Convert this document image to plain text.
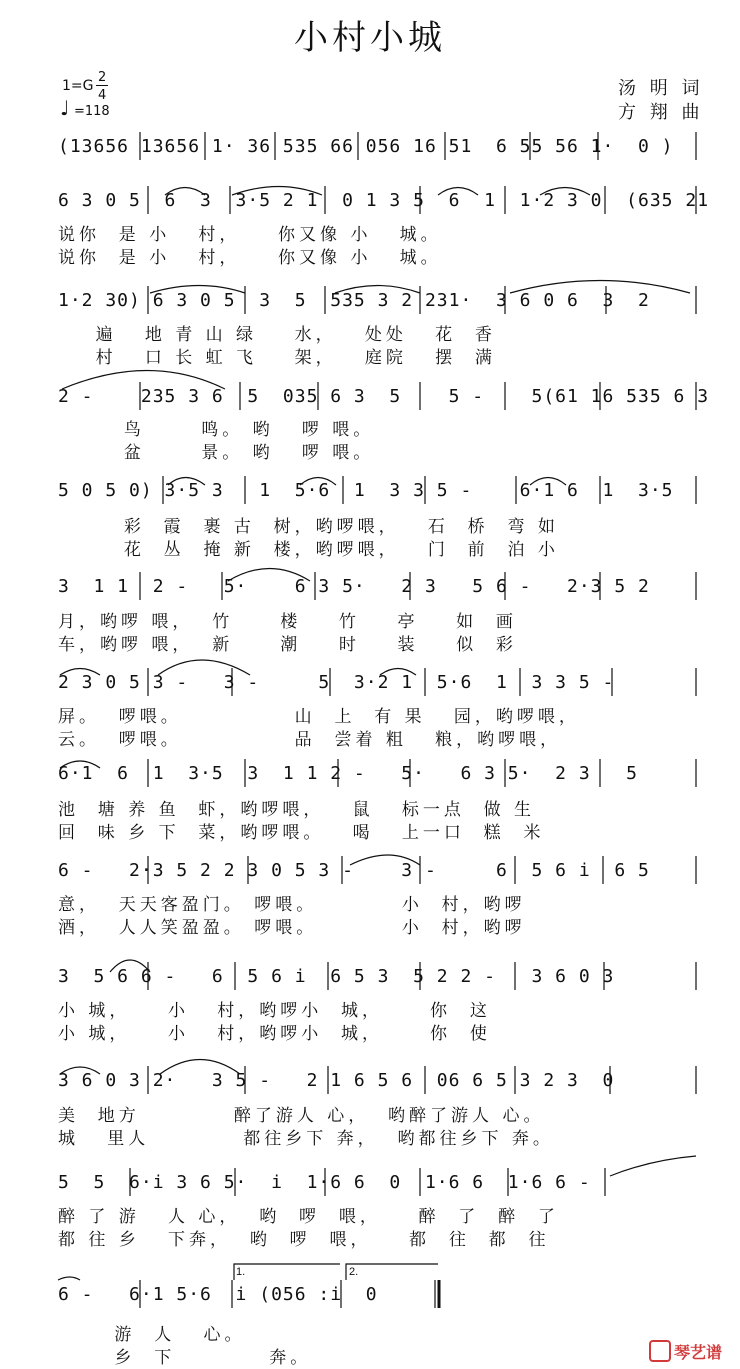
小村小城
1=G
2
4
♩ =118
汤 明 词
方 翔 曲
(13656 13656 1· 36 535 66 056 16 51  6 55 56 1·  0 )
6 3 0 5  6  3  3·5 2 1  0 1 3 5  6  1  1·2 3 0  (635 21
说你  是 小   村，    你又像 小   城。
说你  是 小   村，    你又像 小   城。
1·2 30) 6 3 0 5  3  5  535 3 2 231·  3 6 0 6  3  2
遍   地 青 山 绿    水，   处处   花  香
村   口 长 虹 飞    架，   庭院   摆  满
2 -    235 3 6  5  035 6 3  5    5 -    5(61 16 535 6 3
鸟      鸣。 哟   啰 喂。
盆      景。 哟   啰 喂。
5 0 5 0) 3·5 3   1  5·6  1  3 3 5 -    6·1 6  1  3·5
彩  霞  裹 古  树，哟啰喂，   石  桥  弯 如
花  丛  掩 新  楼，哟啰喂，   门  前  泊 小
3  1 1  2 -   5·    6 3 5·   2 3   5 6 -   2·3 5 2
月，哟啰 喂，  竹     楼    竹    亭    如  画
车，哟啰 喂，  新     潮    时    装    似  彩
2 3 0 5 3 -   3 -     5  3·2 1  5·6  1  3 3 5 -
屏。  啰喂。            山  上  有 果   园，哟啰喂，
云。  啰喂。            品  尝着 粗   粮，哟啰喂，
6·1  6  1  3·5  3  1 1 2 -   5·   6 3 5·  2 3   5
池  塘 养 鱼  虾，哟啰喂，   鼠   标一点  做 生
回  味 乡 下  菜，哟啰喂。   喝   上一口  糕  米
6 -   2·3 5 2 2 3 0 5 3 -    3 -     6  5 6 i  6 5
意，  天天客盈门。 啰喂。         小  村，哟啰
酒，  人人笑盈盈。 啰喂。         小  村，哟啰
3  5 6 6 -   6  5 6 i  6 5 3  5 2 2 -   3 6 0 3
小 城，    小   村，哟啰小  城，     你  这
小 城，    小   村，哟啰小  城，     你  使
3 6 0 3 2·   3 5 -   2 1 6 5 6  06 6 5 3 2 3  0
美  地方          醉了游人 心，  哟醉了游人 心。
城   里人          都往乡下 奔，  哟都往乡下 奔。
5  5  6·i 3 6 5·  i  1·6 6  0  1·6 6  1·6 6 -
醉 了 游   人 心，  哟  啰  喂，    醉  了  醉  了
都 往 乡   下奔，  哟  啰  喂，    都  往  都  往
1.	2.
6 -   6·1 5·6  i (056 :i  0
游  人   心。
乡  下          奔。	琴艺谱
